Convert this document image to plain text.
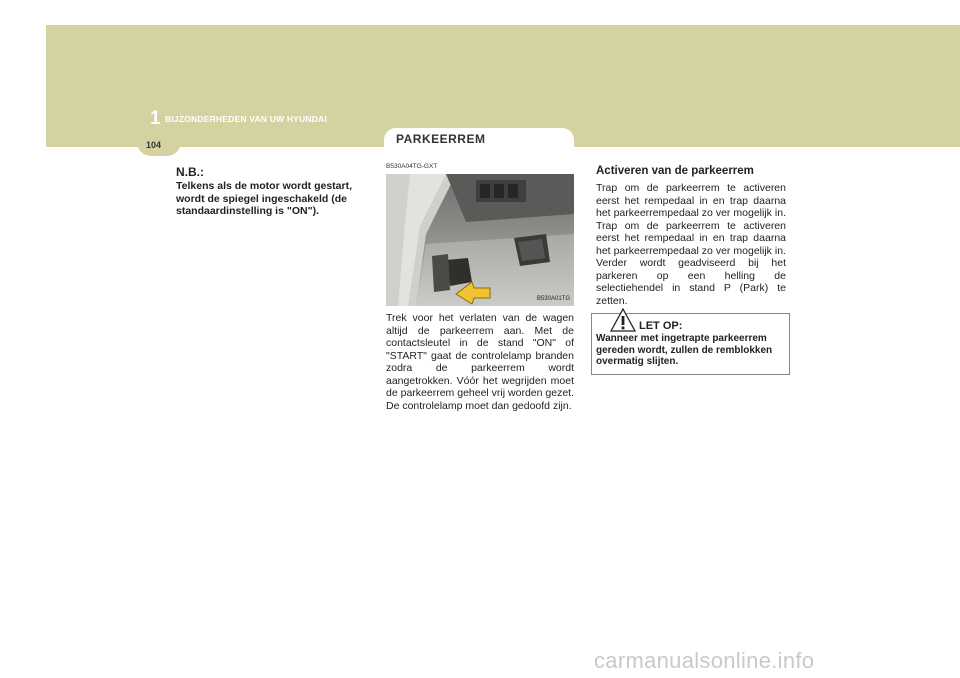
1 BIJZONDERHEDEN VAN UW HYUNDAI
104	PARKEERREM
N.B.:
Telkens als de motor wordt gestart, wordt de spiegel ingeschakeld (de standaardinstelling is "ON").
B530A04TG-GXT
B530A01TG
Trek voor het verlaten van de wagen altijd de parkeerrem aan. Met de contactsleutel in de stand "ON" of "START" gaat de controlelamp branden zodra de parkeerrem wordt aangetrokken. Vóór het wegrijden moet de parkeerrem geheel vrij worden gezet. De controlelamp moet dan gedoofd zijn.
Activeren van de parkeerrem
Trap om de parkeerrem te activeren eerst het rempedaal in en trap daarna het parkeerrempedaal zo ver mogelijk in. Trap om de parkeerrem te activeren eerst het rempedaal in en trap daarna het parkeerrempedaal zo ver mogelijk in. Verder wordt geadviseerd bij het parkeren op een helling de selectiehendel in stand P (Park) te zetten.
LET OP:
Wanneer met ingetrapte parkeerrem gereden wordt, zullen de remblokken overmatig slijten.
carmanualsonline.info
